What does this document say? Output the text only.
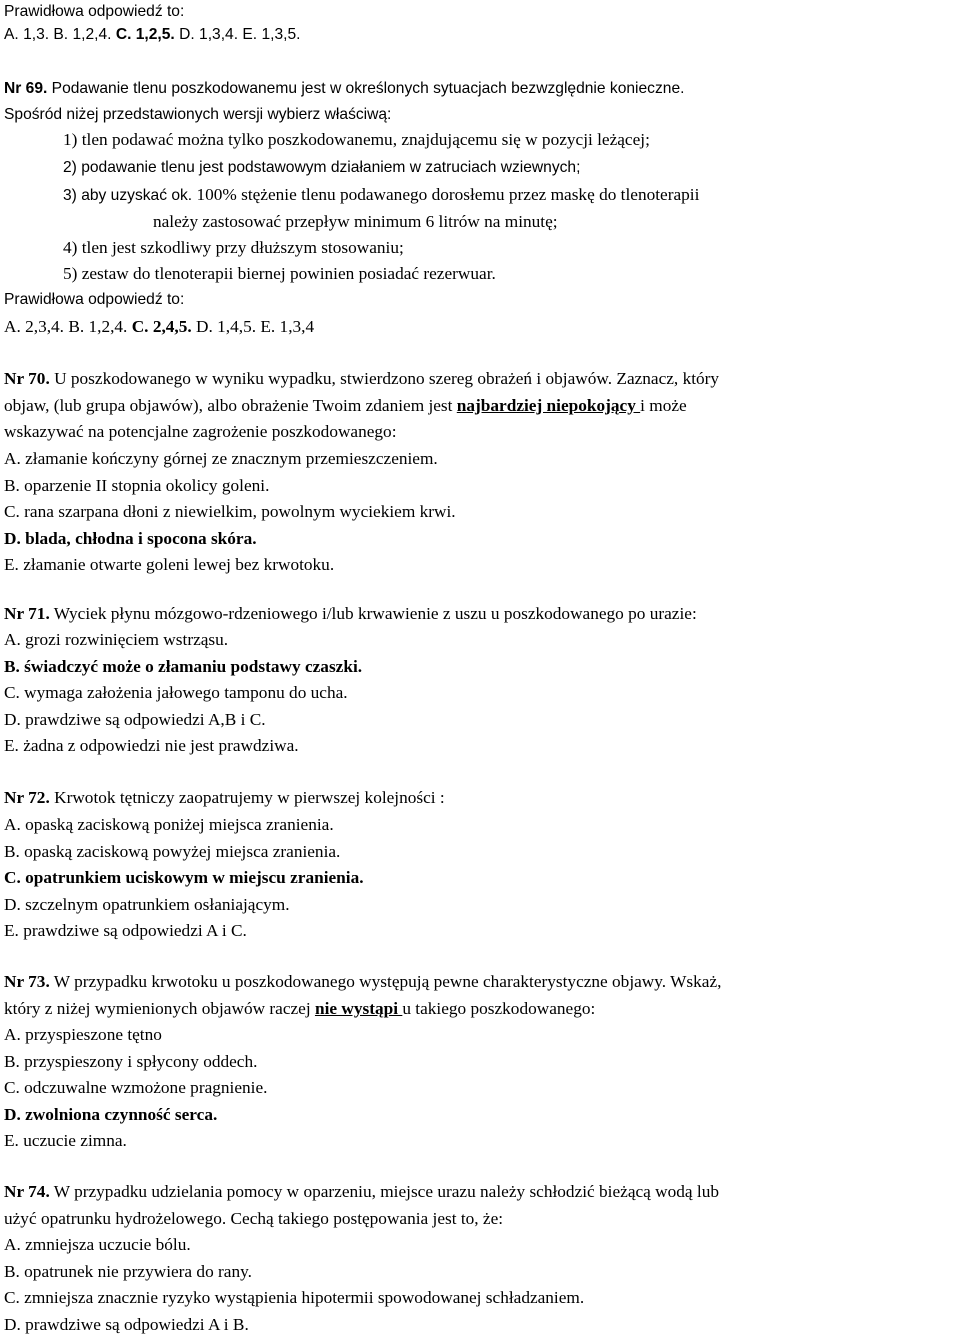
Prawidłowa odpowiedź to:
A. 1,3. B. 1,2,4. C. 1,2,5. D. 1,3,4. E. 1,3,5.
Nr 69. Podawanie tlenu poszkodowanemu jest w określonych sytuacjach bezwzględnie konieczne.
Spośród niżej przedstawionych wersji wybierz właściwą:
1) tlen podawać można tylko poszkodowanemu, znajdującemu się w pozycji leżącej;
2) podawanie tlenu jest podstawowym działaniem w zatruciach wziewnych;
3) aby uzyskać ok. 100% stężenie tlenu podawanego dorosłemu przez maskę do tlenoterapii
należy zastosować przepływ minimum 6 litrów na minutę;
4) tlen jest szkodliwy przy dłuższym stosowaniu;
5) zestaw do tlenoterapii biernej powinien posiadać rezerwuar.
Prawidłowa odpowiedź to:
A. 2,3,4. B. 1,2,4. C. 2,4,5. D. 1,4,5. E. 1,3,4
Nr 70. U poszkodowanego w wyniku wypadku, stwierdzono szereg obrażeń i objawów. Zaznacz, który
objaw, (lub grupa objawów), albo obrażenie Twoim zdaniem jest najbardziej niepokojący i może
wskazywać na potencjalne zagrożenie poszkodowanego:
A. złamanie kończyny górnej ze znacznym przemieszczeniem.
B. oparzenie II stopnia okolicy goleni.
C. rana szarpana dłoni z niewielkim, powolnym wyciekiem krwi.
D. blada, chłodna i spocona skóra.
E. złamanie otwarte goleni lewej bez krwotoku.
Nr 71. Wyciek płynu mózgowo-rdzeniowego i/lub krwawienie z uszu u poszkodowanego po urazie:
A. grozi rozwinięciem wstrząsu.
B. świadczyć może o złamaniu podstawy czaszki.
C. wymaga założenia jałowego tamponu do ucha.
D. prawdziwe są odpowiedzi A,B i C.
E. żadna z odpowiedzi nie jest prawdziwa.
Nr 72. Krwotok tętniczy zaopatrujemy w pierwszej kolejności :
A. opaską zaciskową poniżej miejsca zranienia.
B. opaską zaciskową powyżej miejsca zranienia.
C. opatrunkiem uciskowym w miejscu zranienia.
D. szczelnym opatrunkiem osłaniającym.
E. prawdziwe są odpowiedzi A i C.
Nr 73. W przypadku krwotoku u poszkodowanego występują pewne charakterystyczne objawy. Wskaż,
który z niżej wymienionych objawów raczej nie wystąpi u takiego poszkodowanego:
A. przyspieszone tętno
B. przyspieszony i spłycony oddech.
C. odczuwalne wzmożone pragnienie.
D. zwolniona czynność serca.
E. uczucie zimna.
Nr 74. W przypadku udzielania pomocy w oparzeniu, miejsce urazu należy schłodzić bieżącą wodą lub
użyć opatrunku hydrożelowego. Cechą takiego postępowania jest to, że:
A. zmniejsza uczucie bólu.
B. opatrunek nie przywiera do rany.
C. zmniejsza znacznie ryzyko wystąpienia hipotermii spowodowanej schładzaniem.
D. prawdziwe są odpowiedzi A i B.
